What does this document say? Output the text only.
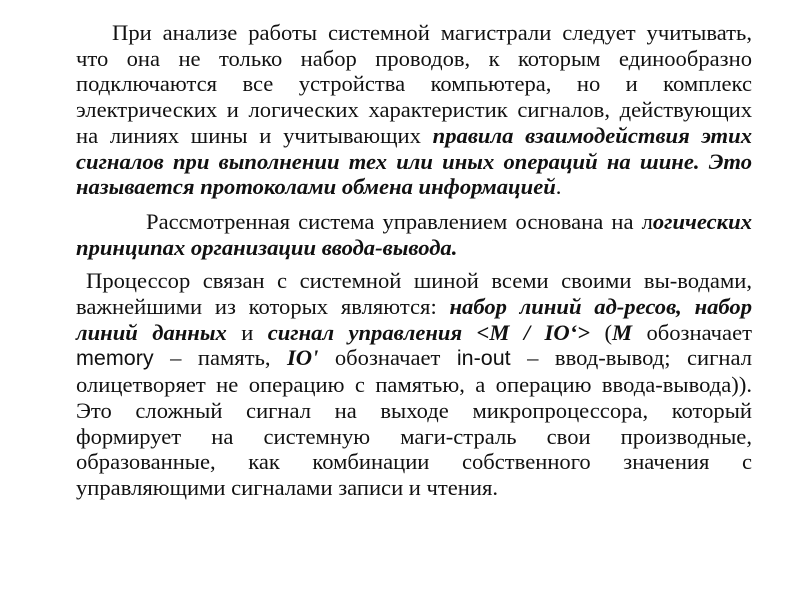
При анализе работы системной магистрали следует учитывать, что она не только набор проводов, к которым единообразно подключаются все устройства компьютера, но и комплекс электрических и логических характеристик сигналов, действующих на линиях шины и учитывающих правила взаимодействия этих сигналов при выполнении тех или иных операций на шине. Это называется протоколами обмена информацией.

Рассмотренная система управлением основана на логических принципах организации ввода-вывода.

Процессор связан с системной шиной всеми своими вы-водами, важнейшими из которых являются: набор линий ад-ресов, набор линий данных и сигнал управления <M / IO‘> (M обозначает memory – память, IO' обозначает in-out – ввод-вывод; сигнал олицетворяет не операцию с памятью, а операцию ввода-вывода)). Это сложный сигнал на выходе микропроцессора, который формирует на системную маги-страль свои производные, образованные, как комбинации собственного значения с управляющими сигналами записи и чтения.
